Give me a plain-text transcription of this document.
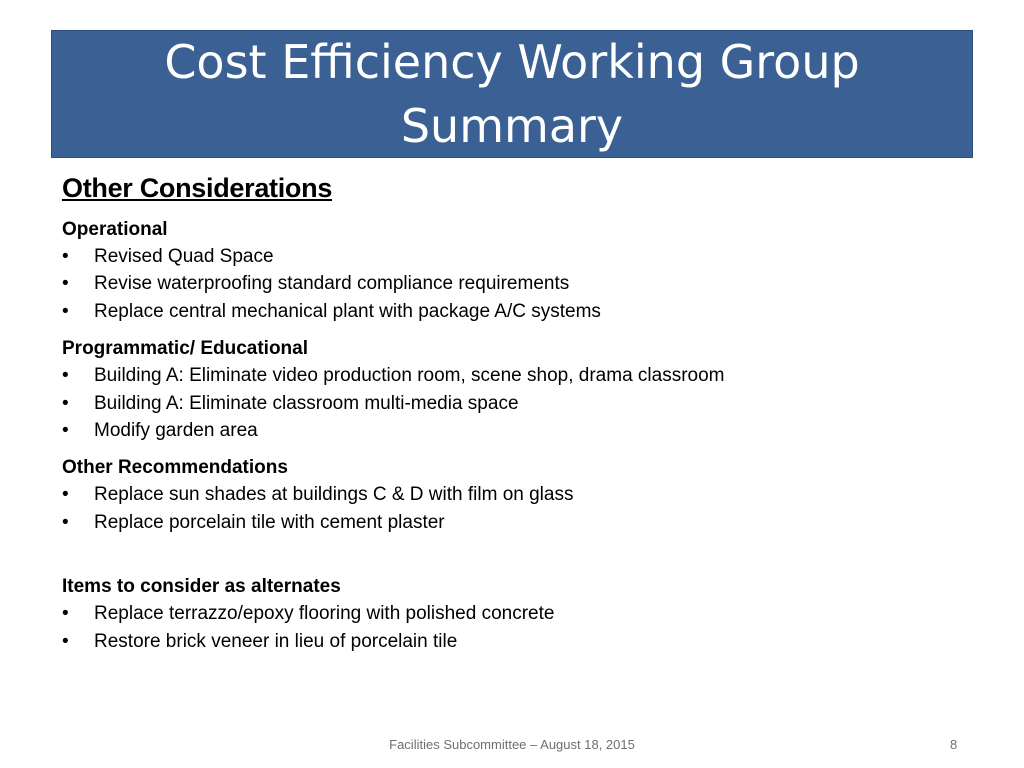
Cost Efficiency Working Group
Summary
Other Considerations
Operational
•	Revised Quad Space
•	Revise waterproofing standard compliance requirements
•	Replace central mechanical plant with package A/C systems
Programmatic/ Educational
•	Building A: Eliminate video production room, scene shop, drama classroom
•	Building A: Eliminate classroom multi-media space
•	Modify garden area
Other Recommendations
•	Replace sun shades at buildings C & D with film on glass
•	Replace porcelain tile with cement plaster
Items to consider as alternates
•	Replace terrazzo/epoxy flooring with polished concrete
•	Restore brick veneer in lieu of porcelain tile
Facilities Subcommittee – August 18, 2015	8
